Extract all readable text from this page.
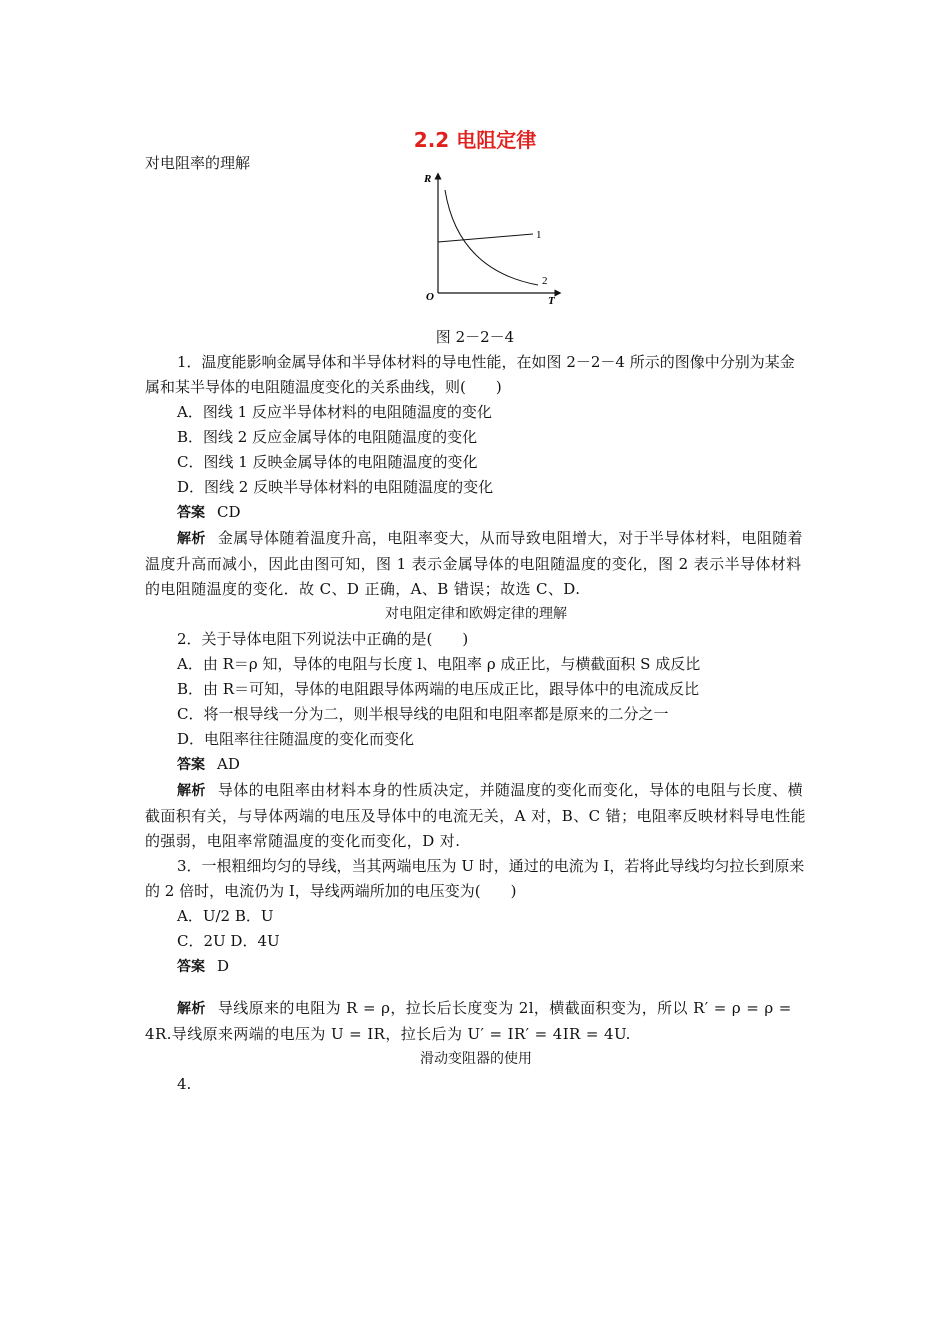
2.2 电阻定律
对电阻率的理解
R
T
O
1
2
图 2－2－4

1．温度能影响金属导体和半导体材料的导电性能，在如图 2－2－4 所示的图像中分别为某金属和某半导体的电阻随温度变化的关系曲线，则(　　)

A．图线 1 反应半导体材料的电阻随温度的变化

B．图线 2 反应金属导体的电阻随温度的变化

C．图线 1 反映金属导体的电阻随温度的变化

D．图线 2 反映半导体材料的电阻随温度的变化

答案 CD

解析 金属导体随着温度升高，电阻率变大，从而导致电阻增大，对于半导体材料，电阻随着温度升高而减小，因此由图可知，图 1 表示金属导体的电阻随温度的变化，图 2 表示半导体材料的电阻随温度的变化．故 C、D 正确，A、B 错误；故选 C、D.

对电阻定律和欧姆定律的理解

2．关于导体电阻下列说法中正确的是(　　)

A．由 R＝ρ 知，导体的电阻与长度 l、电阻率 ρ 成正比，与横截面积 S 成反比

B．由 R＝可知，导体的电阻跟导体两端的电压成正比，跟导体中的电流成反比

C．将一根导线一分为二，则半根导线的电阻和电阻率都是原来的二分之一

D．电阻率往往随温度的变化而变化

答案 AD

解析 导体的电阻率由材料本身的性质决定，并随温度的变化而变化，导体的电阻与长度、横截面积有关，与导体两端的电压及导体中的电流无关，A 对，B、C 错；电阻率反映材料导电性能的强弱，电阻率常随温度的变化而变化，D 对.

3．一根粗细均匀的导线，当其两端电压为 U 时，通过的电流为 I，若将此导线均匀拉长到原来的 2 倍时，电流仍为 I，导线两端所加的电压变为(　　)

A．U/2 B．U

C．2U D．4U

答案 D

解析 导线原来的电阻为 R = ρ，拉长后长度变为 2l，横截面积变为，所以 R′ = ρ = ρ = 4R.导线原来两端的电压为 U = IR，拉长后为 U′ = IR′ = 4IR = 4U.

滑动变阻器的使用

4.
